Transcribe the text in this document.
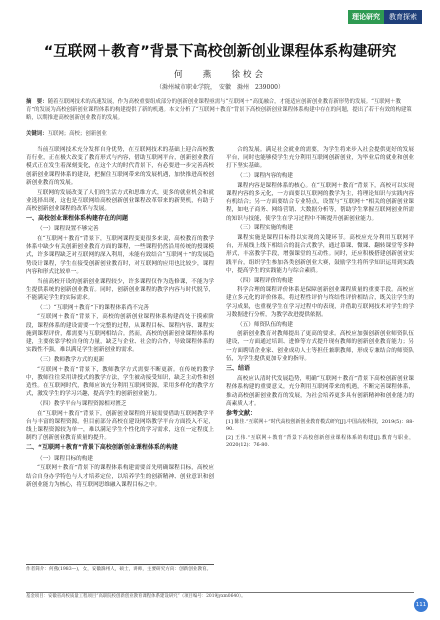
理论研究	教育探索
“互联网＋教育”背景下高校创新创业课程体系构建研究
何　 燕　 徐校会
（滁州城市职业学院，　安徽　滁州　239000）
摘　要：随着互联网技术的高速发展，作为高校重要组成部分的创新创业课程亟需与“互联网＋”高度融合，才能适应创新创业教育新形势的发展。“互联网＋教育”的发展为高校创新创业课程体系的构建提供了新的机遇。本文分析了“互联网＋教育”背景下高校创新创业课程体系构建中存在的问题，提出了若干有效的构建策略，以期推进高校创新创业教育的发展。
关键词：互联网；高校；创新创业

当前互联网技术充分发挥自身优势，在互联网技术的基础上迎合高校教育行业，正在极大改变了教育形式与内容，借助互联网平台，创新创业教育模式正在发生着深刻变化，在这个大的时代背景下，有必要进一步完善高校创新创业课程体系的建设，把握住互联网带来的发展机遇，加快推进高校创新创业教育的发展。

互联网的发展改变了人们的生活方式和思维方式，更多的就业机会和就业选择出现，这也是互联网给高校创新创业课程改革带来的新契机，有助于高校创新创业课程的改革与发展。

一、高校创业课程体系构建存在的问题

（一）课程设置不够完善

在“互联网＋教育”背景下，互联网课程变更很多来说，高校教育的教学体系中缺少有关创新创业教育方面的课程，一些课程仍然沿用传统的授课模式，许多课程缺乏对互联网的深入利用，未能有效结合“互联网＋”的发展趋势设计课程，学生在接受创新创业教育时，对互联网的应用也比较少，课程内容和形式比较单一。

当前高校开设的创新创业课程较少，许多课程仅作为选修课，不能为学生提供系统的创新创业教育。同时，创新创业课程的教学内容与时代脱节，不能满足学生的实际需求。

（二）“互联网＋教育”下的课程体系尚不完善

“互联网＋教育”背景下，高校的创新创业课程体系构建尚处于摸索阶段，课程体系的建设需要一个完整的过程，从课程目标、课程内容、课程实施到课程评价，都需要与互联网相结合。然而，高校的创新创业课程体系构建，主要依靠学校自身的力量，缺乏与企业、社会的合作，导致课程体系的实践性不强，难以满足学生创新创业的需求。

（三）教师教学方式的更新

“互联网＋教育”背景下，教师教学方式需要不断更新。在传统的教学中，教师往往采用讲授式的教学方法，学生被动接受知识，缺乏主动性和创造性。在互联网时代，教师应该充分利用互联网资源，采用多样化的教学方式，激发学生的学习兴趣，提高学生的创新创业能力。

（四）教学平台与课程资源相对匮乏

在“互联网＋教育”背景下，创新创业课程的开展需要借助互联网教学平台与丰富的课程资源。但目前部分高校在建设网络教学平台方面投入不足，线上课程资源较为单一，难以满足学生个性化的学习需求，这在一定程度上制约了创新创业教育质量的提升。

二、“互联网＋教育”背景下高校创新创业课程体系的构建

（一）课程目标的构建

“互联网＋教育”背景下的课程体系构建需要首先明确课程目标，高校应结合自身办学特色与人才培养定位，以培养学生的创新精神、创业意识和创新创业能力为核心，将互联网思维融入课程目标之中。

作者简介：何燕(1983—)，女，安徽滁州人，硕士，讲师，主要研究方向：创新创业教育。

合的发展。满足社会就业的需要，为学生将来步入社会提供更好的发展平台，同时也能够使学生充分利用互联网创新创业，为毕业后的就业和创业打下坚实基础。

（二）课程内容的构建

课程内容是课程体系的核心。在“互联网＋教育”背景下，高校可以实现课程内容的多元化，一方面要以互联网的教学为主，将理论知识与实践内容有机结合；另一方面要结合专业特点，设置与“互联网＋”相关的创新创业课程，如电子商务、网络营销、大数据分析等，帮助学生掌握互联网创业所需的知识与技能，使学生在学习过程中不断提升创新创业能力。

（三）课程实施的构建

课程实施是课程目标得以实现的关键环节。高校应充分利用互联网平台，开展线上线下相结合的混合式教学，通过慕课、微课、翻转课堂等多种形式，丰富教学手段，增强课堂的互动性。同时，还应积极搭建创新创业实践平台，组织学生参加各类创新创业大赛，鼓励学生将所学知识运用到实践中，提高学生的实践能力与综合素质。

（四）课程评价的构建

科学合理的课程评价体系是保障创新创业课程质量的重要手段。高校应建立多元化的评价体系，将过程性评价与终结性评价相结合，既关注学生的学习成果，也重视学生在学习过程中的表现，并借助互联网技术对学生的学习数据进行分析，为教学改进提供依据。

（五）师资队伍的构建

创新创业教育对教师提出了更高的要求。高校应加强创新创业师资队伍建设，一方面通过培训、进修等方式提升现有教师的创新创业教育能力；另一方面聘请企业家、创业成功人士等担任兼职教师，形成专兼结合的师资队伍，为学生提供更加专业的指导。

三、结语

高校应认清时代发展趋势，明确“互联网＋教育”背景下高校创新创业课程体系构建的重要意义，充分利用互联网带来的机遇，不断完善课程体系，推动高校创新创业教育的发展，为社会培养更多具有创新精神和创业能力的高素质人才。

参考文献：

[1] 陈佳.“互联网＋”时代高校创新创业教育模式研究[J].中国高校科技，2019(5)：88-90.

[2] 王伟.“互联网＋教育”背景下高校创新创业课程体系的构建[J].教育与职业，2020(12)：76-80.

基金项目：安徽省高校质量工程项目“高职院校创新创业教育课程体系建设研究”（项目编号：2019jyxm0640）。
111
